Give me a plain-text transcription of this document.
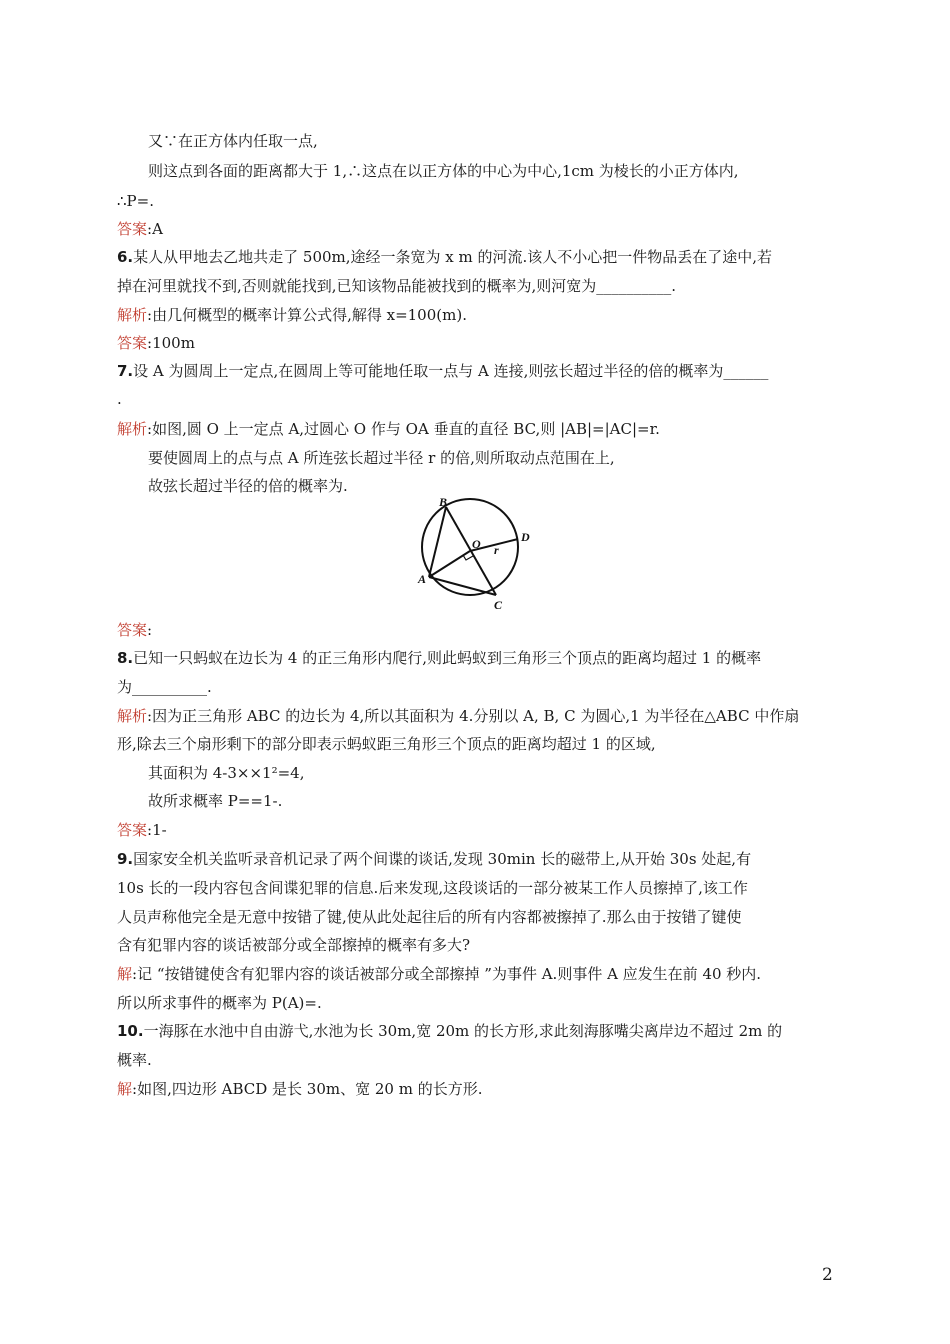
又∵在正方体内任取一点,
则这点到各面的距离都大于 1,∴这点在以正方体的中心为中心,1cm 为棱长的小正方体内,
∴P=.
答案:A
6.某人从甲地去乙地共走了 500m,途经一条宽为 x m 的河流.该人不小心把一件物品丢在了途中,若
掉在河里就找不到,否则就能找到,已知该物品能被找到的概率为,则河宽为__________.
解析:由几何概型的概率计算公式得,解得 x=100(m).
答案:100m
7.设 A 为圆周上一定点,在圆周上等可能地任取一点与 A 连接,则弦长超过半径的倍的概率为______
.
解析:如图,圆 O 上一定点 A,过圆心 O 作与 OA 垂直的直径 BC,则 |AB|=|AC|=r.
要使圆周上的点与点 A 所连弦长超过半径 r 的倍,则所取动点范围在上,
故弦长超过半径的倍的概率为.
B
O	D
r
A
C
答案:
8.已知一只蚂蚁在边长为 4 的正三角形内爬行,则此蚂蚁到三角形三个顶点的距离均超过 1 的概率
为__________.
解析:因为正三角形 ABC 的边长为 4,所以其面积为 4.分别以 A, B, C 为圆心,1 为半径在△ABC 中作扇
形,除去三个扇形剩下的部分即表示蚂蚁距三角形三个顶点的距离均超过 1 的区域,
其面积为 4-3××1²=4,
故所求概率 P==1-.
答案:1-
9.国家安全机关监听录音机记录了两个间谍的谈话,发现 30min 长的磁带上,从开始 30s 处起,有
10s 长的一段内容包含间谍犯罪的信息.后来发现,这段谈话的一部分被某工作人员擦掉了,该工作
人员声称他完全是无意中按错了键,使从此处起往后的所有内容都被擦掉了.那么由于按错了键使
含有犯罪内容的谈话被部分或全部擦掉的概率有多大?
解:记 “按错键使含有犯罪内容的谈话被部分或全部擦掉 ”为事件 A.则事件 A 应发生在前 40 秒内.
所以所求事件的概率为 P(A)=.
10.一海豚在水池中自由游弋,水池为长 30m,宽 20m 的长方形,求此刻海豚嘴尖离岸边不超过 2m 的
概率.
解:如图,四边形 ABCD 是长 30m、宽 20 m 的长方形.
2
